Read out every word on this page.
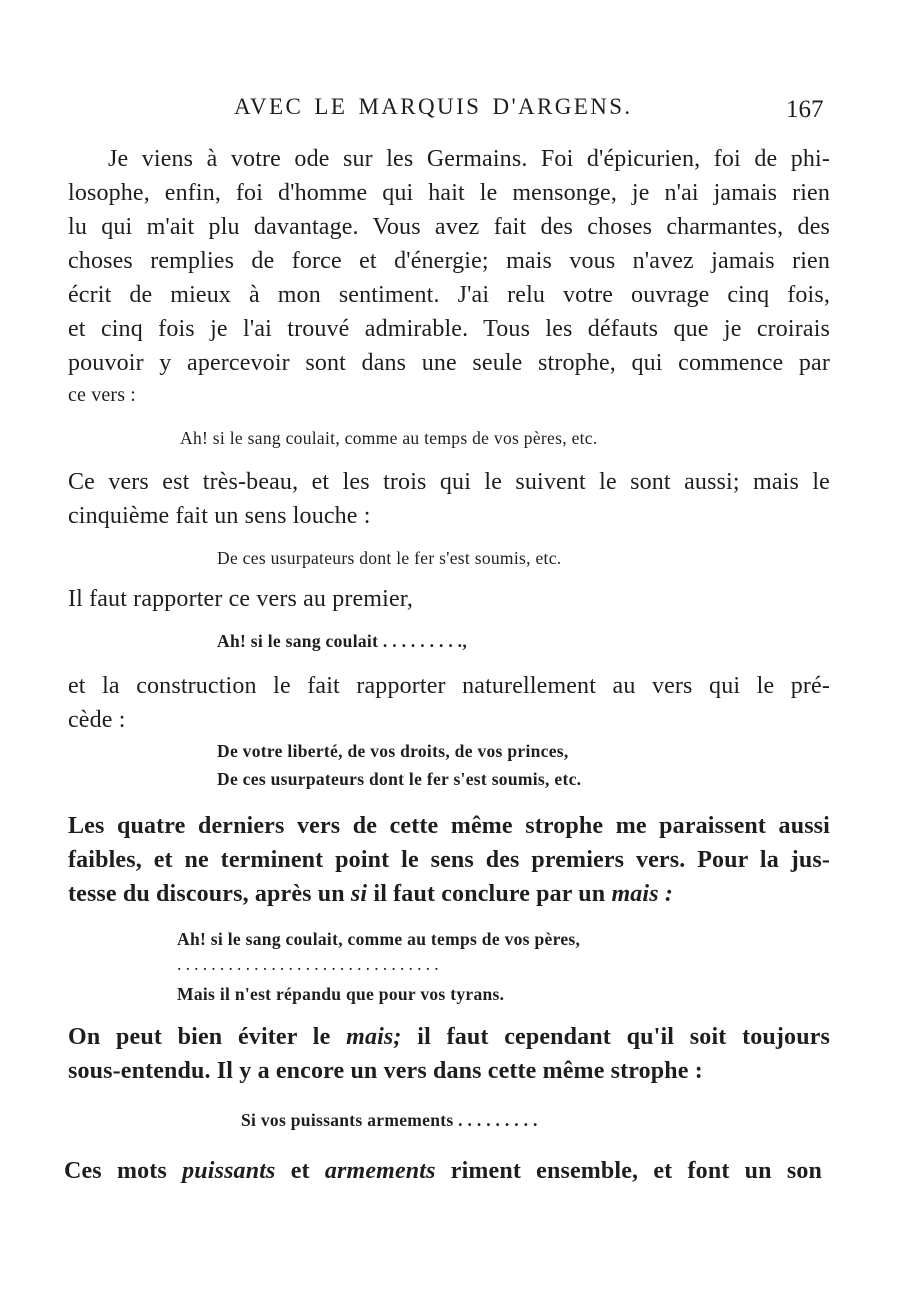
AVEC LE MARQUIS D'ARGENS.	167
Je viens à votre ode sur les Germains. Foi d'épicurien, foi de phi-
losophe, enfin, foi d'homme qui hait le mensonge, je n'ai jamais rien
lu qui m'ait plu davantage. Vous avez fait des choses charmantes, des
choses remplies de force et d'énergie; mais vous n'avez jamais rien
écrit de mieux à mon sentiment. J'ai relu votre ouvrage cinq fois,
et cinq fois je l'ai trouvé admirable. Tous les défauts que je croirais
pouvoir y apercevoir sont dans une seule strophe, qui commence par
ce vers :
Ah! si le sang coulait, comme au temps de vos pères, etc.
Ce vers est très-beau, et les trois qui le suivent le sont aussi; mais le
cinquième fait un sens louche :
De ces usurpateurs dont le fer s'est soumis, etc.
Il faut rapporter ce vers au premier,
Ah! si le sang coulait . . . . . . . . .,
et la construction le fait rapporter naturellement au vers qui le pré-
cède :
De votre liberté, de vos droits, de vos princes,
De ces usurpateurs dont le fer s'est soumis, etc.
Les quatre derniers vers de cette même strophe me paraissent aussi
faibles, et ne terminent point le sens des premiers vers. Pour la jus-
tesse du discours, après un si il faut conclure par un mais :
Ah! si le sang coulait, comme au temps de vos pères,
...............................
Mais il n'est répandu que pour vos tyrans.
On peut bien éviter le mais; il faut cependant qu'il soit toujours
sous-entendu. Il y a encore un vers dans cette même strophe :
Si vos puissants armements . . . . . . . . .
Ces mots puissants et armements riment ensemble, et font un son
